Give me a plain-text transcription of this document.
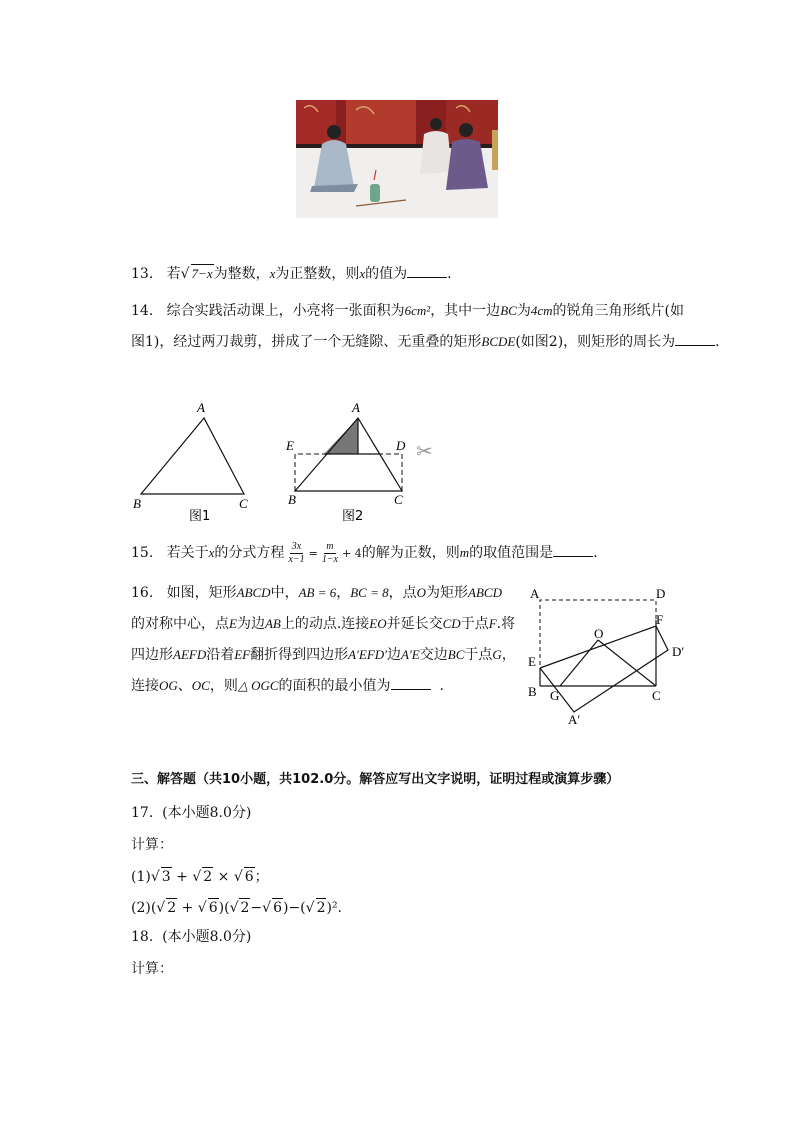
13. 若√ 7−x为整数，x为正整数，则x的值为	.
14. 综合实践活动课上，小亮将一张面积为6cm²，其中一边BC为4cm的锐角三角形纸片(如
图1)，经过两刀裁剪，拼成了一个无缝隙、无重叠的矩形BCDE(如图2)，则矩形的周长为	.
A
B	C
图1
A
E	D
B	C
图2
✂
15. 若关于x的分式方程 $\frac{3x}{x-1} = \frac{m}{1-x} + 4$的解为正数，则m的取值范围是	.
16. 如图，矩形ABCD中，AB = 6，BC = 8，点O为矩形ABCD
的对称中心，点E为边AB上的动点.连接EO并延长交CD于点F.将
四边形AEFD沿着EF翻折得到四边形A′EFD′边A′E交边BC于点G，
连接OG、OC，则△ OGC的面积的最小值为	.
A	D
F
O
D′
E
B G	C
A′
三、解答题（共10小题，共102.0分。解答应写出文字说明，证明过程或演算步骤）
17. (本小题8.0分)
计算：
(1)√ 3 + √ 2 × √ 6；
(2)(√ 2 + √ 6)(√ 2−√ 6)−(√ 2)².
18. (本小题8.0分)
计算：
